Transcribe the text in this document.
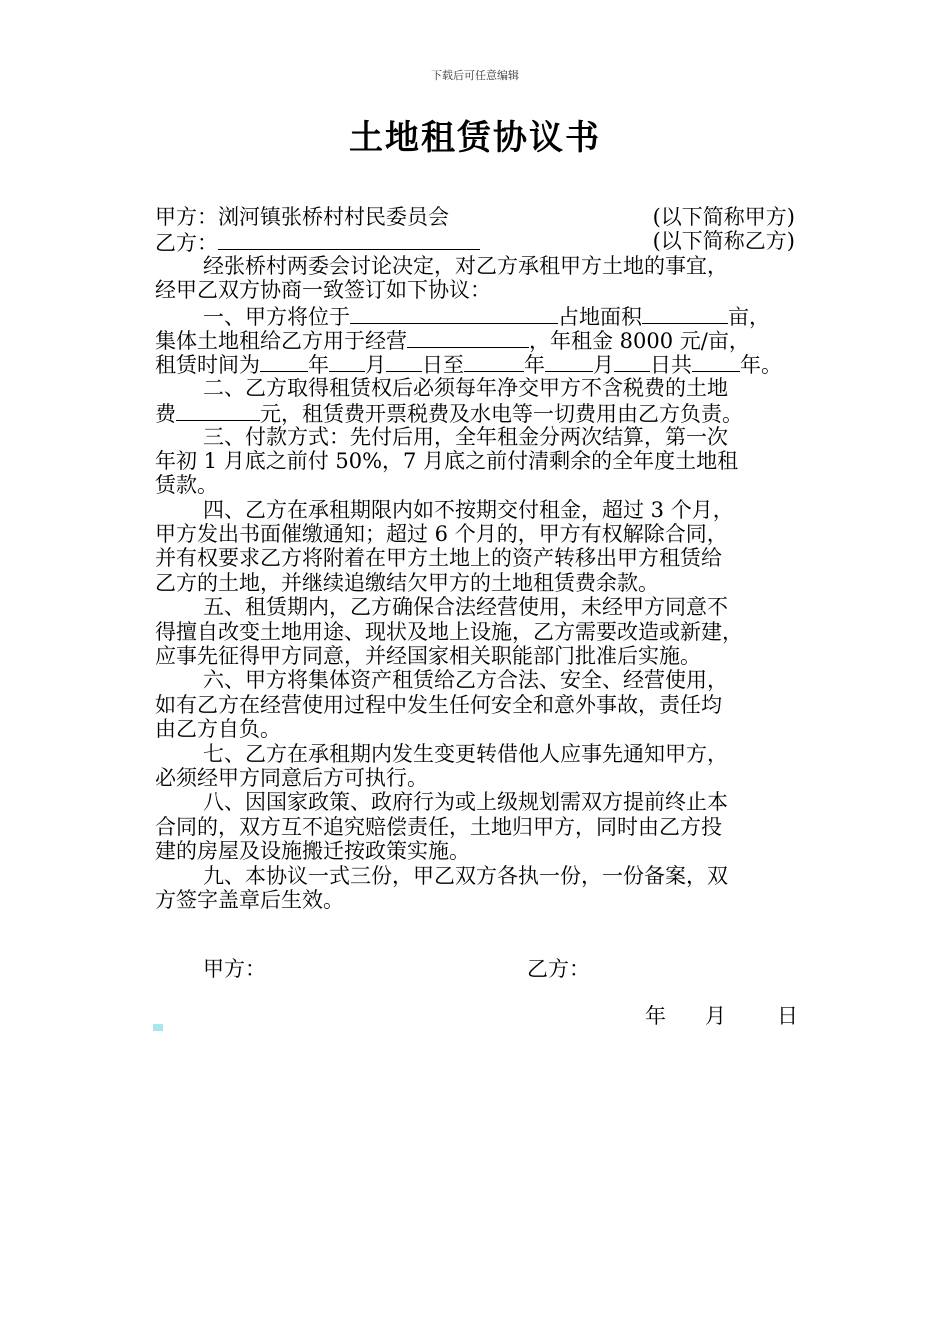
下载后可任意编辑
土地租赁协议书
甲方：浏河镇张桥村村民委员会	(以下简称甲方)
乙方：	(以下简称乙方)
经张桥村两委会讨论决定，对乙方承租甲方土地的事宜，
经甲乙双方协商一致签订如下协议：
一、甲方将位于	占地面积	亩，
集体土地租给乙方用于经营	，年租金 8000 元/亩，
租赁时间为 年 月 日至	年 月 日共 年。
二、乙方取得租赁权后必须每年净交甲方不含税费的土地
费	元，租赁费开票税费及水电等一切费用由乙方负责。
三、付款方式：先付后用，全年租金分两次结算，第一次
年初 1 月底之前付 50%，7 月底之前付清剩余的全年度土地租
赁款。
四、乙方在承租期限内如不按期交付租金，超过 3 个月，
甲方发出书面催缴通知；超过 6 个月的，甲方有权解除合同，
并有权要求乙方将附着在甲方土地上的资产转移出甲方租赁给
乙方的土地，并继续追缴结欠甲方的土地租赁费余款。
五、租赁期内，乙方确保合法经营使用，未经甲方同意不
得擅自改变土地用途、现状及地上设施，乙方需要改造或新建，
应事先征得甲方同意，并经国家相关职能部门批准后实施。
六、甲方将集体资产租赁给乙方合法、安全、经营使用，
如有乙方在经营使用过程中发生任何安全和意外事故，责任均
由乙方自负。
七、乙方在承租期内发生变更转借他人应事先通知甲方，
必须经甲方同意后方可执行。
八、因国家政策、政府行为或上级规划需双方提前终止本
合同的，双方互不追究赔偿责任，土地归甲方，同时由乙方投
建的房屋及设施搬迁按政策实施。
九、本协议一式三份，甲乙双方各执一份，一份备案，双
方签字盖章后生效。
甲方：	乙方：
年 月 日
